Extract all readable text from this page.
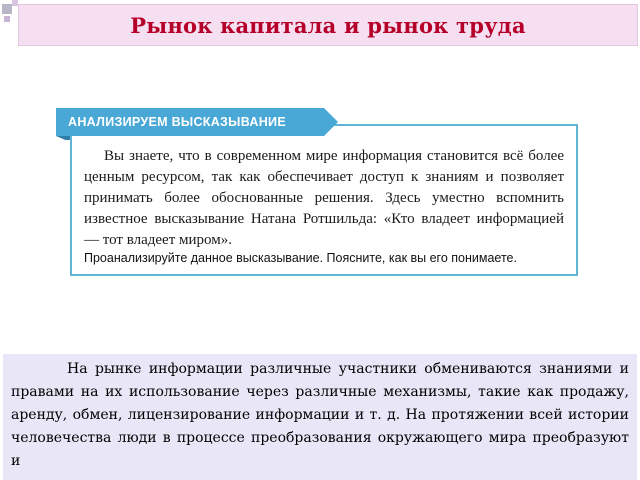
Рынок капитала и рынок труда
АНАЛИЗИРУЕМ ВЫСКАЗЫВАНИЕ

Вы знаете, что в современном мире информация становится всё более ценным ресурсом, так как обеспечивает доступ к знаниям и позволяет принимать более обоснованные решения. Здесь уместно вспомнить известное высказывание Натана Ротшильда: «Кто владеет информацией — тот владеет миром».

Проанализируйте данное высказывание. Поясните, как вы его понимаете.

На рынке информации различные участники обмениваются знаниями и правами на их использование через различные механизмы, такие как продажу, аренду, обмен, лицензирование информации и т. д. На протяжении всей истории человечества люди в процессе преобразования окружающего мира преобразуют и
